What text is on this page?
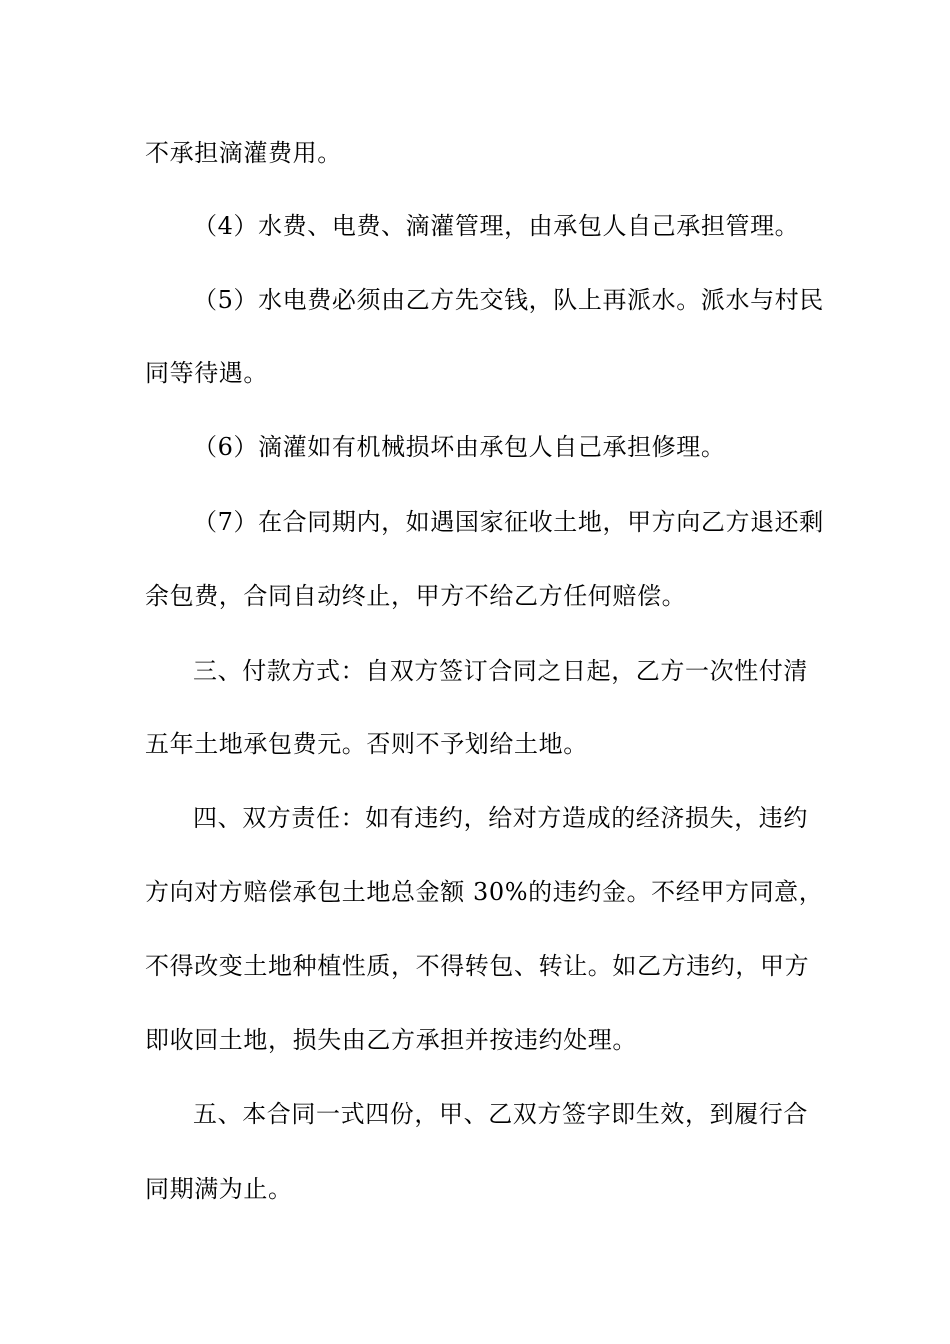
不承担滴灌费用。
（4）水费、电费、滴灌管理，由承包人自己承担管理。
（5）水电费必须由乙方先交钱，队上再派水。派水与村民
同等待遇。
（6）滴灌如有机械损坏由承包人自己承担修理。
（7）在合同期内，如遇国家征收土地，甲方向乙方退还剩
余包费，合同自动终止，甲方不给乙方任何赔偿。
三、付款方式：自双方签订合同之日起，乙方一次性付清
五年土地承包费元。否则不予划给土地。
四、双方责任：如有违约，给对方造成的经济损失，违约
方向对方赔偿承包土地总金额 30%的违约金。不经甲方同意，
不得改变土地种植性质，不得转包、转让。如乙方违约，甲方
即收回土地，损失由乙方承担并按违约处理。
五、本合同一式四份，甲、乙双方签字即生效，到履行合
同期满为止。
